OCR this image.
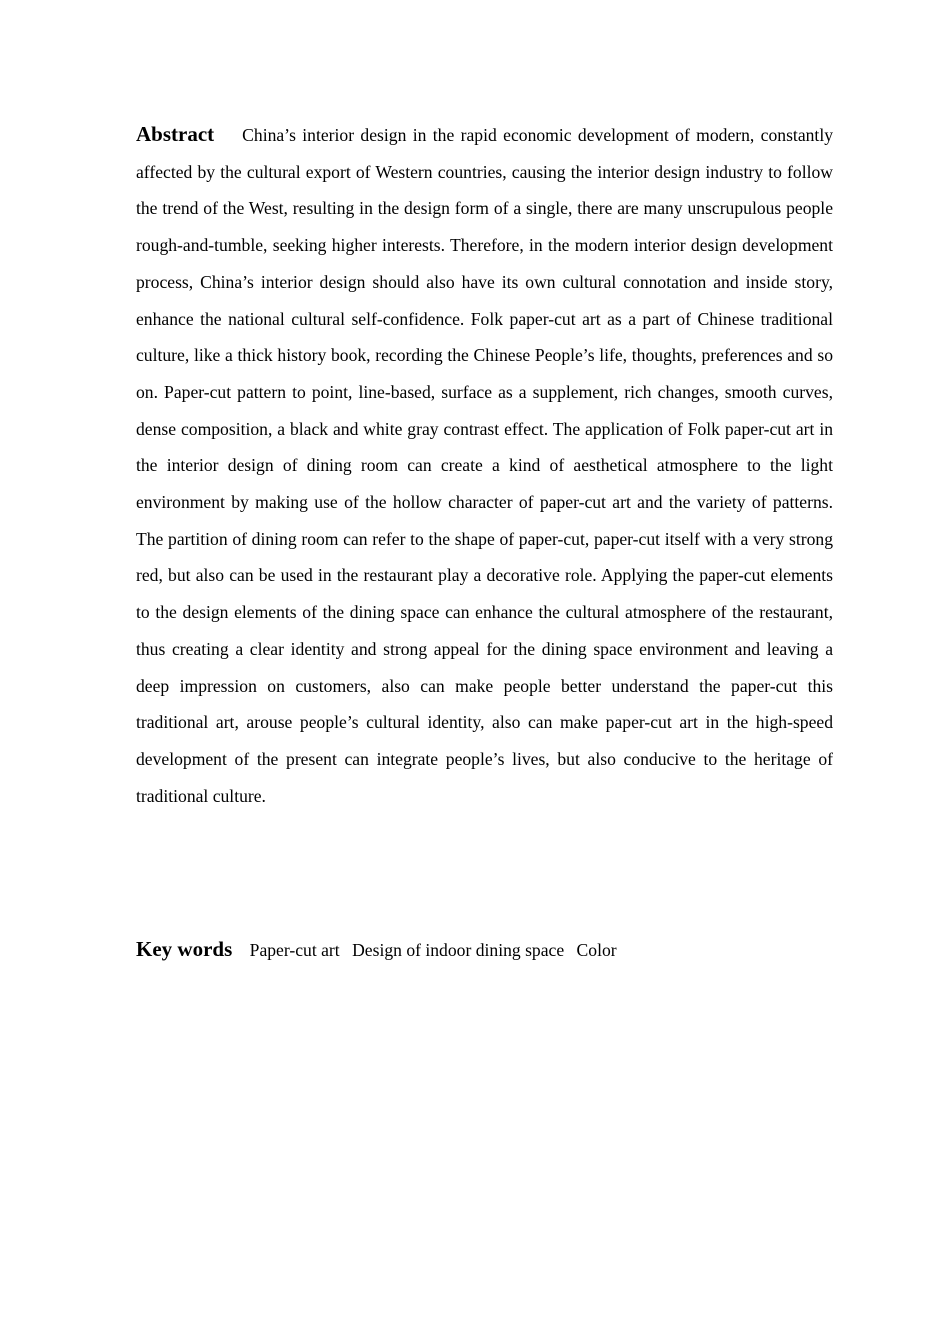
Abstract China’s interior design in the rapid economic development of modern, constantly affected by the cultural export of Western countries, causing the interior design industry to follow the trend of the West, resulting in the design form of a single, there are many unscrupulous people rough-and-tumble, seeking higher interests. Therefore, in the modern interior design development process, China’s interior design should also have its own cultural connotation and inside story, enhance the national cultural self-confidence. Folk paper-cut art as a part of Chinese traditional culture, like a thick history book, recording the Chinese People’s life, thoughts, preferences and so on. Paper-cut pattern to point, line-based, surface as a supplement, rich changes, smooth curves, dense composition, a black and white gray contrast effect. The application of Folk paper-cut art in the interior design of dining room can create a kind of aesthetical atmosphere to the light environment by making use of the hollow character of paper-cut art and the variety of patterns. The partition of dining room can refer to the shape of paper-cut, paper-cut itself with a very strong red, but also can be used in the restaurant play a decorative role. Applying the paper-cut elements to the design elements of the dining space can enhance the cultural atmosphere of the restaurant, thus creating a clear identity and strong appeal for the dining space environment and leaving a deep impression on customers, also can make people better understand the paper-cut this traditional art, arouse people’s cultural identity, also can make paper-cut art in the high-speed development of the present can integrate people’s lives, but also conducive to the heritage of traditional culture.
Key words Paper-cut art Design of indoor dining space Color
